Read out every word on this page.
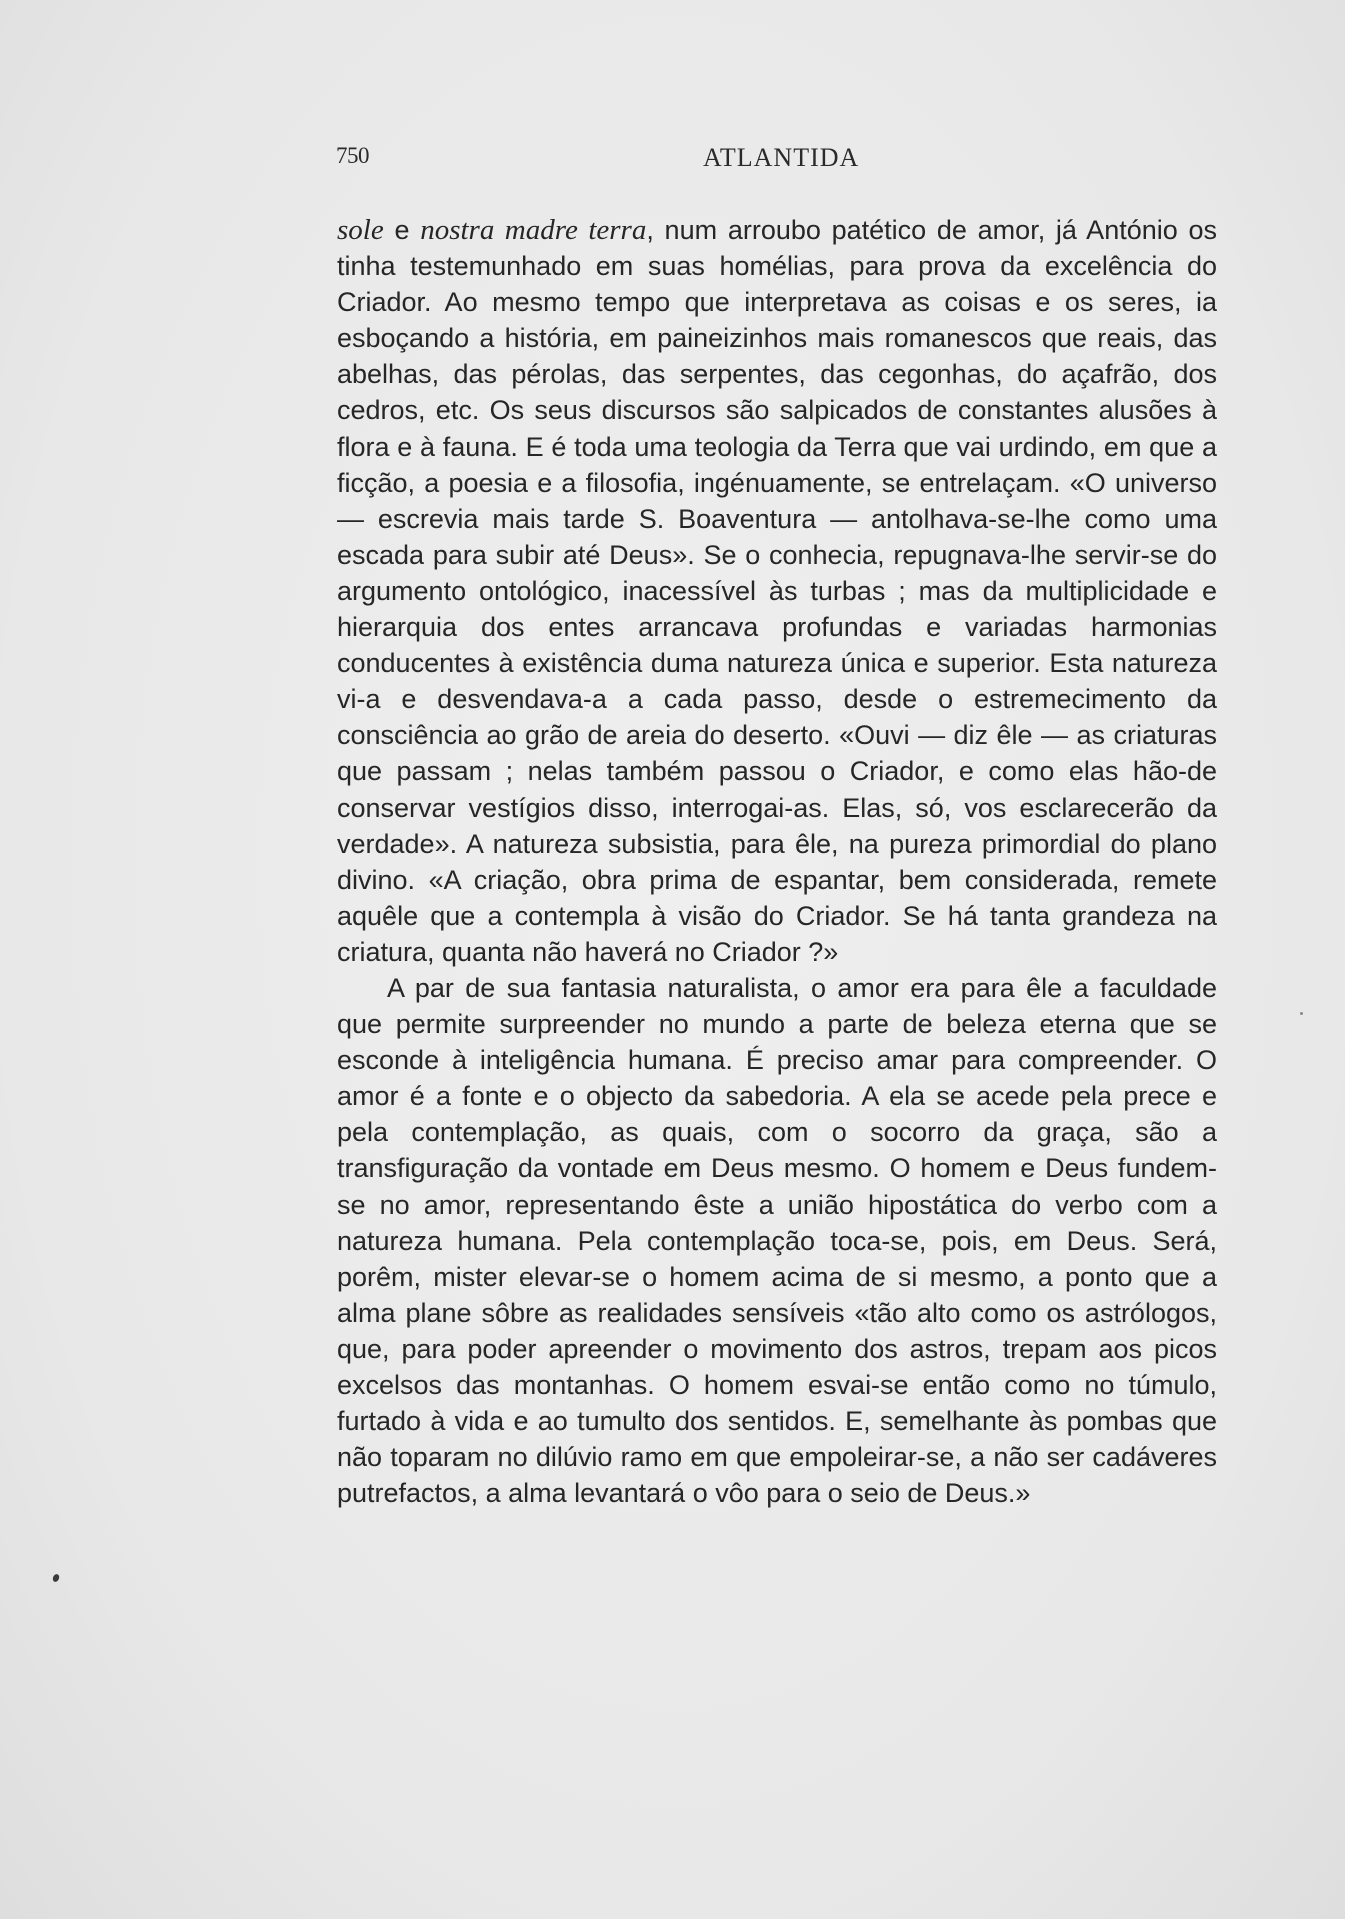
750	ATLANTIDA

sole e nostra madre terra, num arroubo patético de amor, já António os tinha testemunhado em suas homélias, para prova da excelência do Criador. Ao mesmo tempo que interpretava as coisas e os seres, ia esboçando a história, em paineizinhos mais romanescos que reais, das abelhas, das pérolas, das serpentes, das cegonhas, do açafrão, dos cedros, etc. Os seus discursos são salpicados de constantes alusões à flora e à fauna. E é toda uma teologia da Terra que vai urdindo, em que a ficção, a poesia e a filosofia, ingénuamente, se entrelaçam. «O universo — escrevia mais tarde S. Boaventura — antolhava-se-lhe como uma escada para subir até Deus». Se o conhecia, repugnava-lhe servir-se do argumento ontológico, inacessível às turbas ; mas da multiplicidade e hierarquia dos entes arrancava profundas e variadas harmonias conducentes à existência duma natureza única e superior. Esta natureza vi-a e desvendava-a a cada passo, desde o estremecimento da consciência ao grão de areia do deserto. «Ouvi — diz êle — as criaturas que passam ; nelas também passou o Criador, e como elas hão-de conservar vestígios disso, interrogai-as. Elas, só, vos esclarecerão da verdade». A natureza subsistia, para êle, na pureza primordial do plano divino. «A criação, obra prima de espantar, bem considerada, remete aquêle que a contempla à visão do Criador. Se há tanta grandeza na criatura, quanta não haverá no Criador ?»

A par de sua fantasia naturalista, o amor era para êle a faculdade que permite surpreender no mundo a parte de beleza eterna que se esconde à inteligência humana. É preciso amar para compreender. O amor é a fonte e o objecto da sabedoria. A ela se acede pela prece e pela contemplação, as quais, com o socorro da graça, são a transfiguração da vontade em Deus mesmo. O homem e Deus fundem-se no amor, representando êste a união hipostática do verbo com a natureza humana. Pela contemplação toca-se, pois, em Deus. Será, porêm, mister elevar-se o homem acima de si mesmo, a ponto que a alma plane sôbre as realidades sensíveis «tão alto como os astrólogos, que, para poder apreender o movimento dos astros, trepam aos picos excelsos das montanhas. O homem esvai-se então como no túmulo, furtado à vida e ao tumulto dos sentidos. E, semelhante às pombas que não toparam no dilúvio ramo em que empoleirar-se, a não ser cadáveres putrefactos, a alma levantará o vôo para o seio de Deus.»
